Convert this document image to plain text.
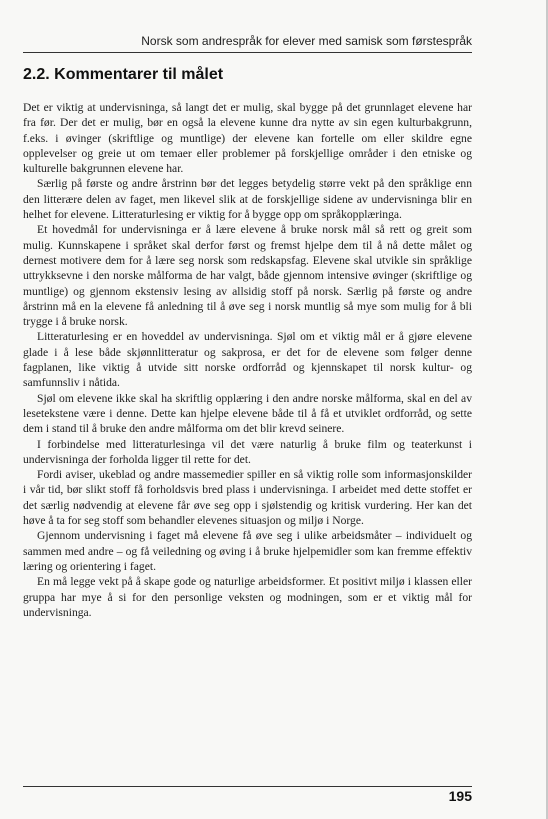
Norsk som andrespråk for elever med samisk som førstespråk
2.2. Kommentarer til målet

Det er viktig at undervisninga, så langt det er mulig, skal bygge på det grunnlaget elevene har fra før. Der det er mulig, bør en også la elevene kunne dra nytte av sin egen kulturbakgrunn, f.eks. i øvinger (skriftlige og muntlige) der elevene kan fortelle om eller skildre egne opplevelser og greie ut om temaer eller problemer på forskjellige områder i den etniske og kulturelle bakgrunnen elevene har.

Særlig på første og andre årstrinn bør det legges betydelig større vekt på den språklige enn den litterære delen av faget, men likevel slik at de forskjellige sidene av undervisninga blir en helhet for elevene. Litteraturlesing er viktig for å bygge opp om språkopplæringa.

Et hovedmål for undervisninga er å lære elevene å bruke norsk mål så rett og greit som mulig. Kunnskapene i språket skal derfor først og fremst hjelpe dem til å nå dette målet og dernest motivere dem for å lære seg norsk som redskapsfag. Elevene skal utvikle sin språklige uttrykksevne i den norske målforma de har valgt, både gjennom intensive øvinger (skriftlige og muntlige) og gjennom ekstensiv lesing av allsidig stoff på norsk. Særlig på første og andre årstrinn må en la elevene få anledning til å øve seg i norsk muntlig så mye som mulig for å bli trygge i å bruke norsk.

Litteraturlesing er en hoveddel av undervisninga. Sjøl om et viktig mål er å gjøre elevene glade i å lese både skjønnlitteratur og sakprosa, er det for de elevene som følger denne fagplanen, like viktig å utvide sitt norske ordforråd og kjennskapet til norsk kultur- og samfunnsliv i nåtida.

Sjøl om elevene ikke skal ha skriftlig opplæring i den andre norske målforma, skal en del av lesetekstene være i denne. Dette kan hjelpe elevene både til å få et utviklet ordforråd, og sette dem i stand til å bruke den andre målforma om det blir krevd seinere.

I forbindelse med litteraturlesinga vil det være naturlig å bruke film og teaterkunst i undervisninga der forholda ligger til rette for det.

Fordi aviser, ukeblad og andre massemedier spiller en så viktig rolle som informasjonskilder i vår tid, bør slikt stoff få forholdsvis bred plass i undervisninga. I arbeidet med dette stoffet er det særlig nødvendig at elevene får øve seg opp i sjølstendig og kritisk vurdering. Her kan det høve å ta for seg stoff som behandler elevenes situasjon og miljø i Norge.

Gjennom undervisning i faget må elevene få øve seg i ulike arbeidsmåter – individuelt og sammen med andre – og få veiledning og øving i å bruke hjelpemidler som kan fremme effektiv læring og orientering i faget.

En må legge vekt på å skape gode og naturlige arbeidsformer. Et positivt miljø i klassen eller gruppa har mye å si for den personlige veksten og modningen, som er et viktig mål for undervisninga.

195
